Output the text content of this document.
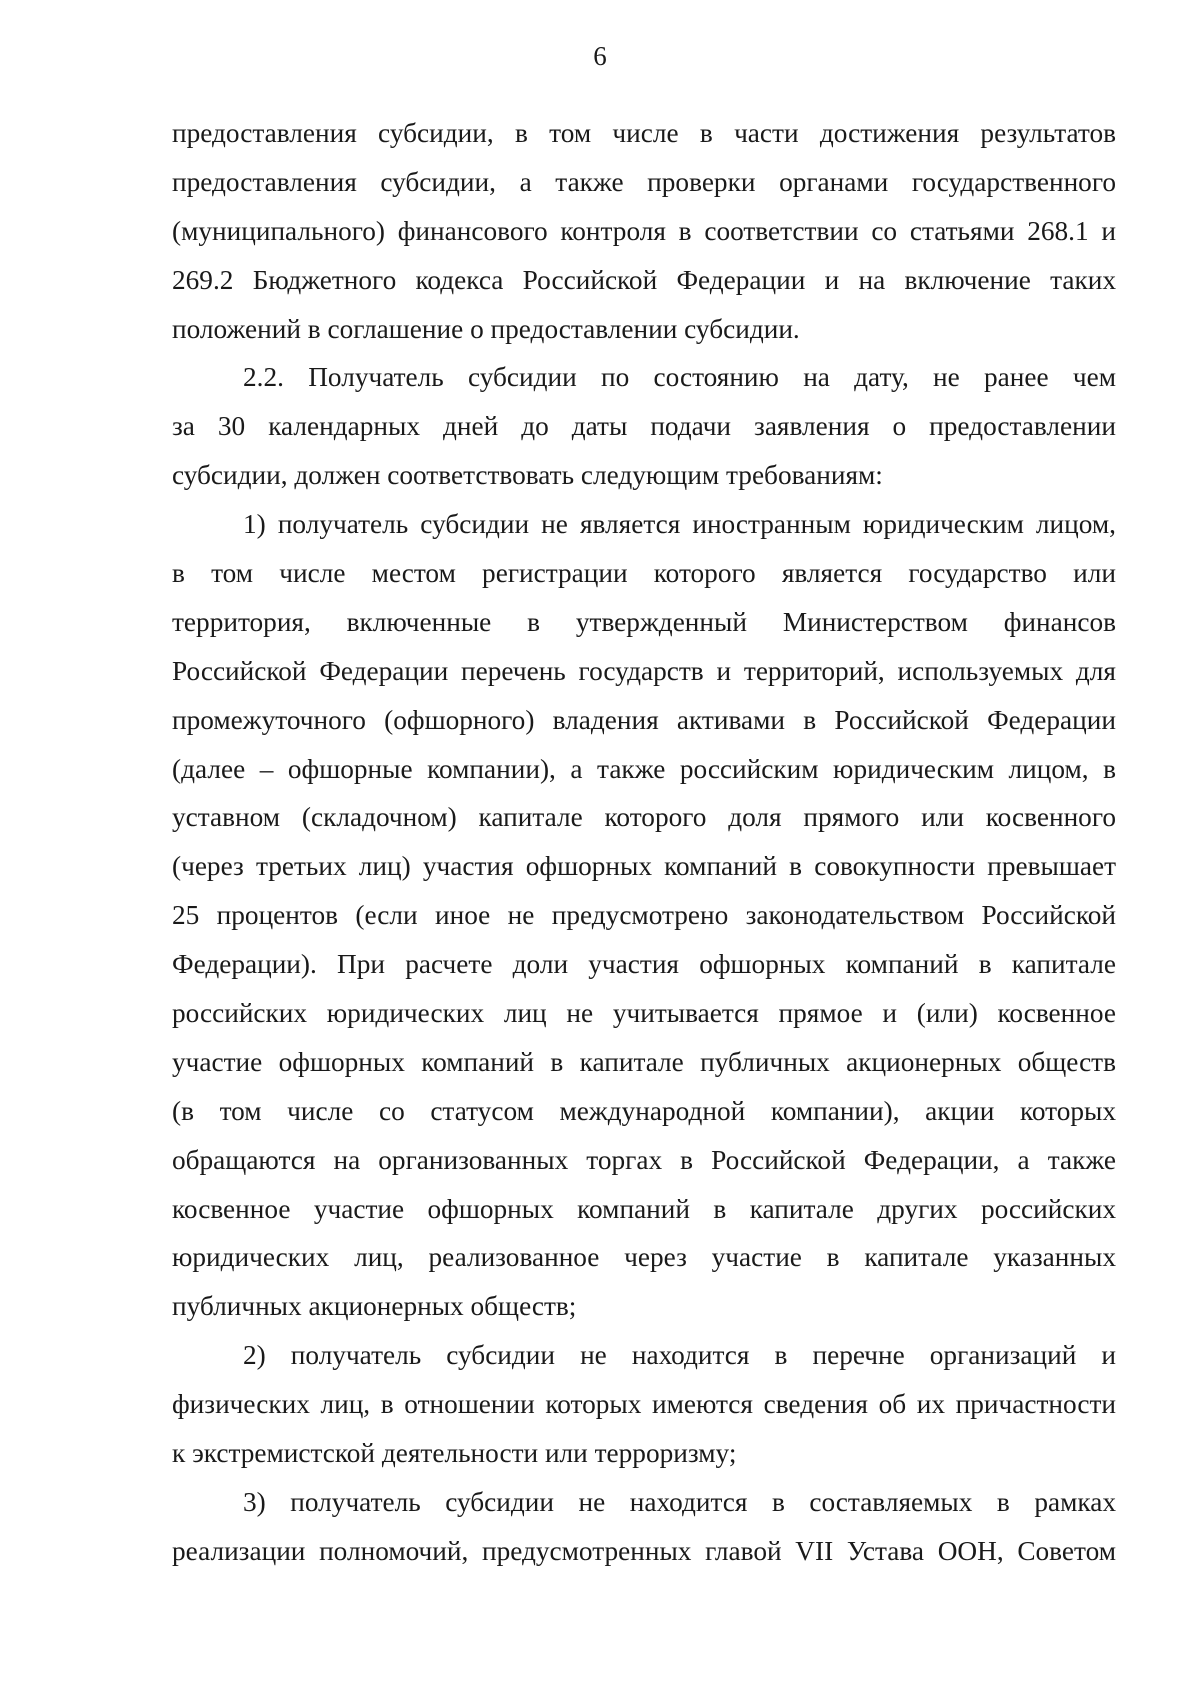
6
предоставления субсидии, в том числе в части достижения результатов
предоставления субсидии, а также проверки органами государственного
(муниципального) финансового контроля в соответствии со статьями 268.1 и
269.2 Бюджетного кодекса Российской Федерации и на включение таких
положений в соглашение о предоставлении субсидии.
2.2. Получатель субсидии по состоянию на дату, не ранее чем
за 30 календарных дней до даты подачи заявления о предоставлении
субсидии, должен соответствовать следующим требованиям:
1) получатель субсидии не является иностранным юридическим лицом,
в том числе местом регистрации которого является государство или
территория, включенные в утвержденный Министерством финансов
Российской Федерации перечень государств и территорий, используемых для
промежуточного (офшорного) владения активами в Российской Федерации
(далее – офшорные компании), а также российским юридическим лицом, в
уставном (складочном) капитале которого доля прямого или косвенного
(через третьих лиц) участия офшорных компаний в совокупности превышает
25 процентов (если иное не предусмотрено законодательством Российской
Федерации). При расчете доли участия офшорных компаний в капитале
российских юридических лиц не учитывается прямое и (или) косвенное
участие офшорных компаний в капитале публичных акционерных обществ
(в том числе со статусом международной компании), акции которых
обращаются на организованных торгах в Российской Федерации, а также
косвенное участие офшорных компаний в капитале других российских
юридических лиц, реализованное через участие в капитале указанных
публичных акционерных обществ;
2) получатель субсидии не находится в перечне организаций и
физических лиц, в отношении которых имеются сведения об их причастности
к экстремистской деятельности или терроризму;
3) получатель субсидии не находится в составляемых в рамках
реализации полномочий, предусмотренных главой VII Устава ООН, Советом
